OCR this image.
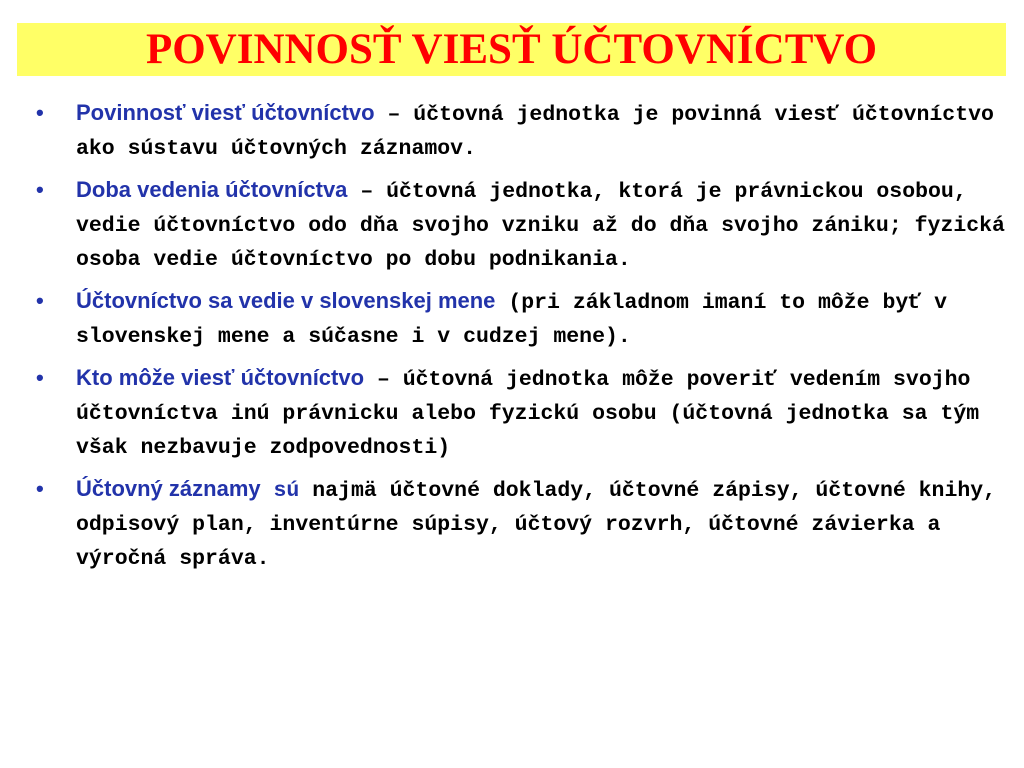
POVINNOSŤ VIESŤ ÚČTOVNÍCTVO
• Povinnosť viesť účtovníctvo – účtovná jednotka je povinná viesť účtovníctvo ako sústavu účtovných záznamov.
• Doba vedenia účtovníctva – účtovná jednotka, ktorá je právnickou osobou, vedie účtovníctvo odo dňa svojho vzniku až do dňa svojho zániku; fyzická osoba vedie účtovníctvo po dobu podnikania.
• Účtovníctvo sa vedie v slovenskej mene (pri základnom imaní to môže byť v slovenskej mene a súčasne i v cudzej mene).
• Kto môže viesť účtovníctvo – účtovná jednotka môže poveriť vedením svojho účtovníctva inú právnicku alebo fyzickú osobu (účtovná jednotka sa tým však nezbavuje zodpovednosti)
• Účtovný záznamy sú najmä účtovné doklady, účtovné zápisy, účtovné knihy, odpisový plan, inventúrne súpisy, účtový rozvrh, účtovné závierka a výročná správa.
